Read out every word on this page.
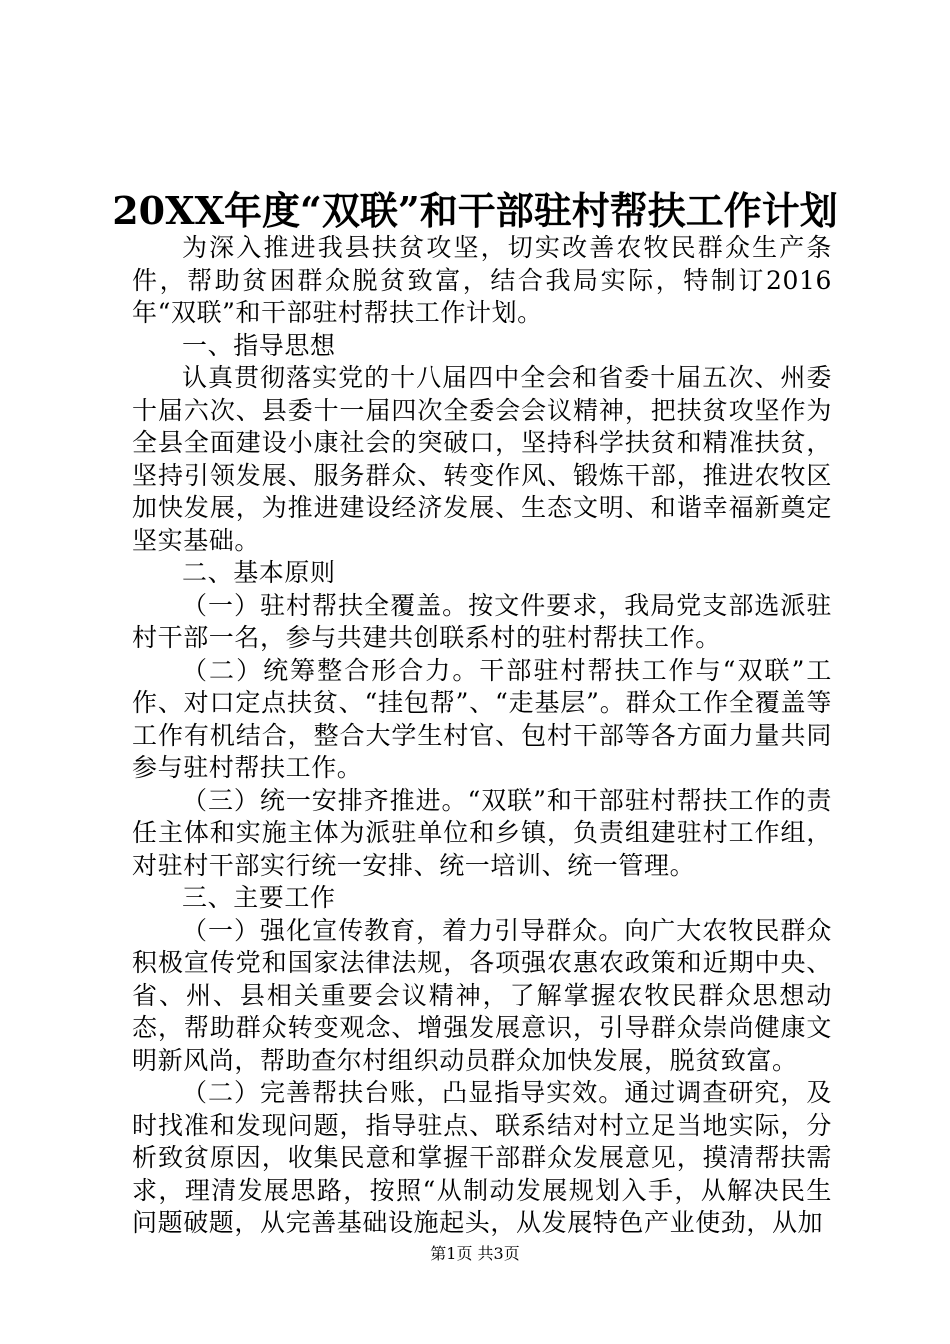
20XX年度“双联”和干部驻村帮扶工作计划

为深入推进我县扶贫攻坚，切实改善农牧民群众生产条件，帮助贫困群众脱贫致富，结合我局实际，特制订2016年“双联”和干部驻村帮扶工作计划。

一、指导思想

认真贯彻落实党的十八届四中全会和省委十届五次、州委十届六次、县委十一届四次全委会会议精神，把扶贫攻坚作为全县全面建设小康社会的突破口，坚持科学扶贫和精准扶贫，坚持引领发展、服务群众、转变作风、锻炼干部，推进农牧区加快发展，为推进建设经济发展、生态文明、和谐幸福新奠定坚实基础。

二、基本原则

（一）驻村帮扶全覆盖。按文件要求，我局党支部选派驻村干部一名，参与共建共创联系村的驻村帮扶工作。

（二）统筹整合形合力。干部驻村帮扶工作与“双联”工作、对口定点扶贫、“挂包帮”、“走基层”。群众工作全覆盖等工作有机结合，整合大学生村官、包村干部等各方面力量共同参与驻村帮扶工作。

（三）统一安排齐推进。“双联”和干部驻村帮扶工作的责任主体和实施主体为派驻单位和乡镇，负责组建驻村工作组，对驻村干部实行统一安排、统一培训、统一管理。

三、主要工作

（一）强化宣传教育，着力引导群众。向广大农牧民群众积极宣传党和国家法律法规，各项强农惠农政策和近期中央、省、州、县相关重要会议精神，了解掌握农牧民群众思想动态，帮助群众转变观念、增强发展意识，引导群众崇尚健康文明新风尚，帮助查尔村组织动员群众加快发展，脱贫致富。

（二）完善帮扶台账，凸显指导实效。通过调查研究，及时找准和发现问题，指导驻点、联系结对村立足当地实际，分析致贫原因，收集民意和掌握干部群众发展意见，摸清帮扶需求，理清发展思路，按照“从制动发展规划入手，从解决民生问题破题，从完善基础设施起头，从发展特色产业使劲，从加

第1页 共3页
